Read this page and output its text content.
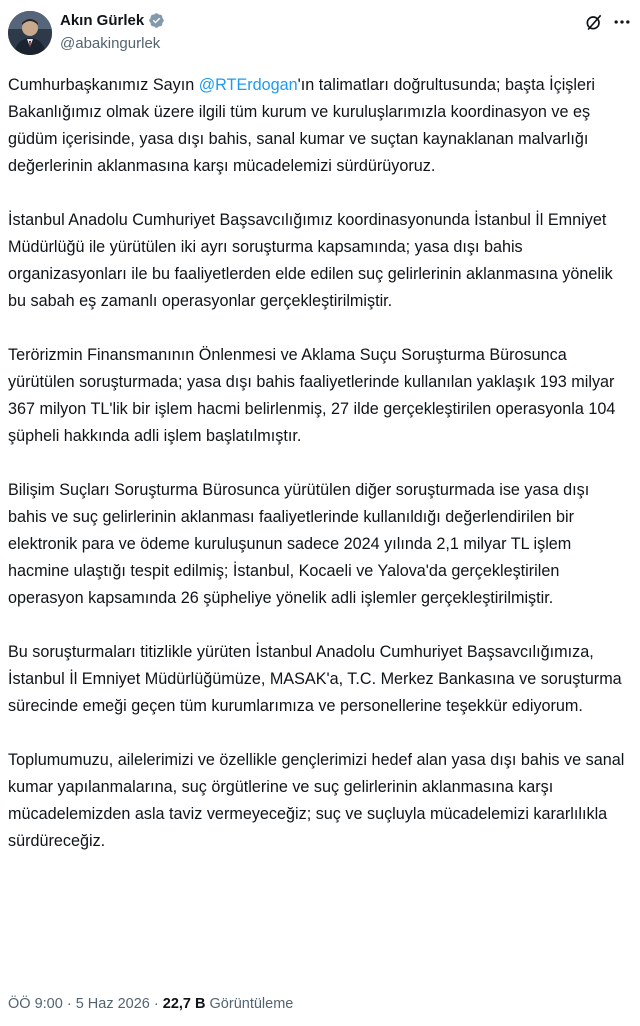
Akın Gürlek
@abakingurlek

Cumhurbaşkanımız Sayın @RTErdogan'ın talimatları doğrultusunda; başta İçişleri Bakanlığımız olmak üzere ilgili tüm kurum ve kuruluşlarımızla koordinasyon ve eş güdüm içerisinde, yasa dışı bahis, sanal kumar ve suçtan kaynaklanan malvarlığı değerlerinin aklanmasına karşı mücadelemizi sürdürüyoruz.

İstanbul Anadolu Cumhuriyet Başsavcılığımız koordinasyonunda İstanbul İl Emniyet Müdürlüğü ile yürütülen iki ayrı soruşturma kapsamında; yasa dışı bahis organizasyonları ile bu faaliyetlerden elde edilen suç gelirlerinin aklanmasına yönelik bu sabah eş zamanlı operasyonlar gerçekleştirilmiştir.

Terörizmin Finansmanının Önlenmesi ve Aklama Suçu Soruşturma Bürosunca yürütülen soruşturmada; yasa dışı bahis faaliyetlerinde kullanılan yaklaşık 193 milyar 367 milyon TL'lik bir işlem hacmi belirlenmiş, 27 ilde gerçekleştirilen operasyonla 104 şüpheli hakkında adli işlem başlatılmıştır.

Bilişim Suçları Soruşturma Bürosunca yürütülen diğer soruşturmada ise yasa dışı bahis ve suç gelirlerinin aklanması faaliyetlerinde kullanıldığı değerlendirilen bir elektronik para ve ödeme kuruluşunun sadece 2024 yılında 2,1 milyar TL işlem hacmine ulaştığı tespit edilmiş; İstanbul, Kocaeli ve Yalova'da gerçekleştirilen operasyon kapsamında 26 şüpheliye yönelik adli işlemler gerçekleştirilmiştir.

Bu soruşturmaları titizlikle yürüten İstanbul Anadolu Cumhuriyet Başsavcılığımıza, İstanbul İl Emniyet Müdürlüğümüze, MASAK'a, T.C. Merkez Bankasına ve soruşturma sürecinde emeği geçen tüm kurumlarımıza ve personellerine teşekkür ediyorum.

Toplumumuzu, ailelerimizi ve özellikle gençlerimizi hedef alan yasa dışı bahis ve sanal kumar yapılanmalarına, suç örgütlerine ve suç gelirlerinin aklanmasına karşı mücadelemizden asla taviz vermeyeceğiz; suç ve suçluyla mücadelemizi kararlılıkla sürdüreceğiz.

ÖÖ 9:00 · 5 Haz 2026 · 22,7 B Görüntüleme
